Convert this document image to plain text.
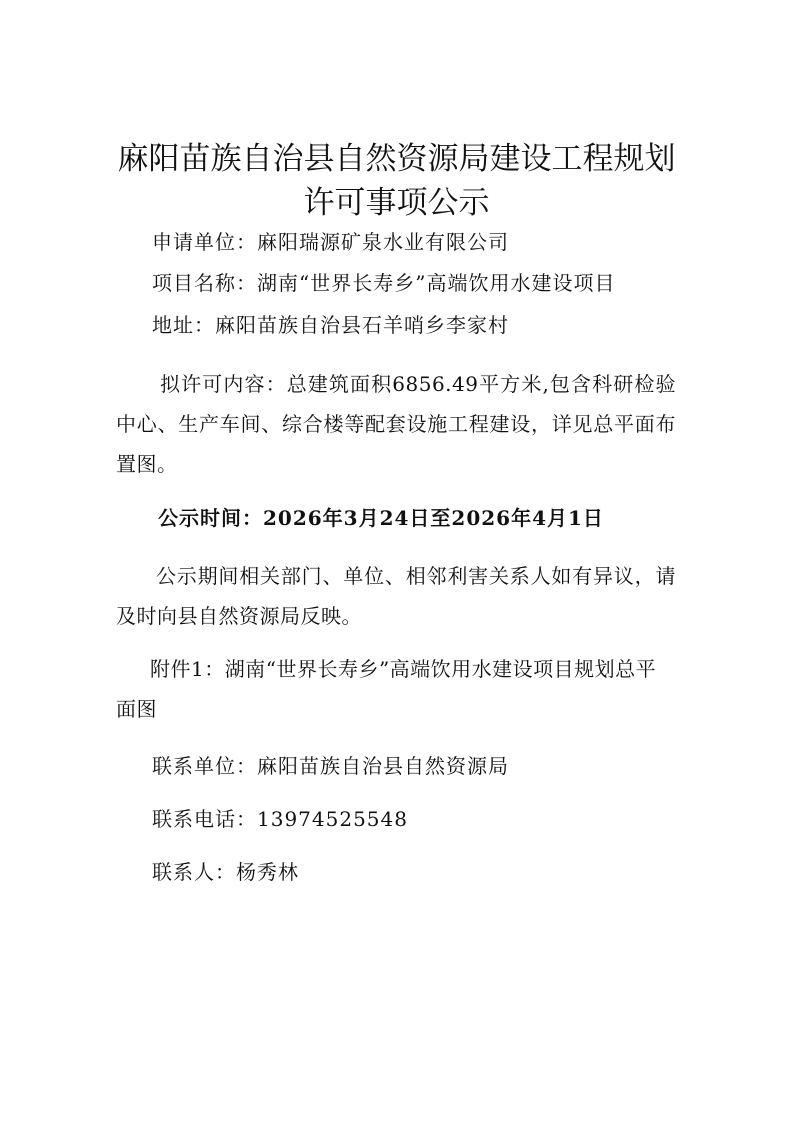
麻阳苗族自治县自然资源局建设工程规划
许可事项公示
申请单位：麻阳瑞源矿泉水业有限公司
项目名称：湖南“世界长寿乡”高端饮用水建设项目
地址：麻阳苗族自治县石羊哨乡李家村
拟许可内容：总建筑面积6856.49平方米,包含科研检验中心、生产车间、综合楼等配套设施工程建设，详见总平面布置图。
公示时间：2026年3月24日至2026年4月1日
公示期间相关部门、单位、相邻利害关系人如有异议，请及时向县自然资源局反映。
附件1：湖南“世界长寿乡”高端饮用水建设项目规划总平面图
联系单位：麻阳苗族自治县自然资源局
联系电话：13974525548
联系人：杨秀林
